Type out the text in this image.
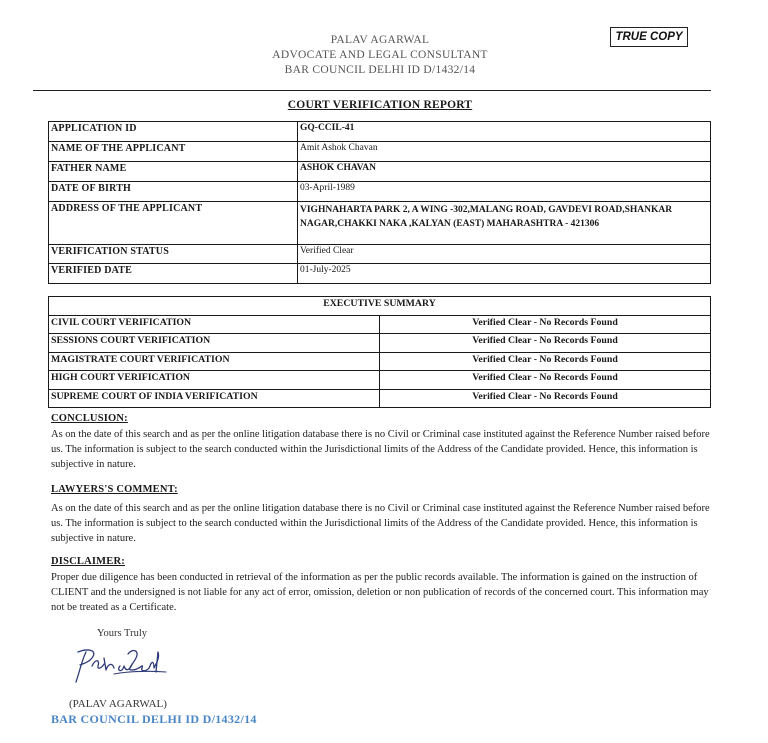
PALAV AGARWAL
ADVOCATE AND LEGAL CONSULTANT
BAR COUNCIL DELHI ID D/1432/14
TRUE COPY
COURT VERIFICATION REPORT
APPLICATION ID	GQ-CCIL-41
NAME OF THE APPLICANT	Amit Ashok Chavan
FATHER NAME	ASHOK CHAVAN
DATE OF BIRTH	03-April-1989
ADDRESS OF THE APPLICANT	VIGHNAHARTA PARK 2, A WING -302,MALANG ROAD, GAVDEVI ROAD,SHANKAR NAGAR,CHAKKI NAKA ,KALYAN (EAST) MAHARASHTRA - 421306
VERIFICATION STATUS	Verified Clear
VERIFIED DATE	01-July-2025
EXECUTIVE SUMMARY	
CIVIL COURT VERIFICATION	Verified Clear - No Records Found
SESSIONS COURT VERIFICATION	Verified Clear - No Records Found
MAGISTRATE COURT VERIFICATION	Verified Clear - No Records Found
HIGH COURT VERIFICATION	Verified Clear - No Records Found
SUPREME COURT OF INDIA VERIFICATION	Verified Clear - No Records Found
CONCLUSION:
As on the date of this search and as per the online litigation database there is no Civil or Criminal case instituted against the Reference Number raised before us. The information is subject to the search conducted within the Jurisdictional limits of the Address of the Candidate provided. Hence, this information is subjective in nature.
LAWYERS'S COMMENT:
As on the date of this search and as per the online litigation database there is no Civil or Criminal case instituted against the Reference Number raised before us. The information is subject to the search conducted within the Jurisdictional limits of the Address of the Candidate provided. Hence, this information is subjective in nature.
DISCLAIMER:
Proper due diligence has been conducted in retrieval of the information as per the public records available. The information is gained on the instruction of CLIENT and the undersigned is not liable for any act of error, omission, deletion or non publication of records of the concerned court. This information may not be treated as a Certificate.
Yours Truly
(PALAV AGARWAL)
BAR COUNCIL DELHI ID D/1432/14
